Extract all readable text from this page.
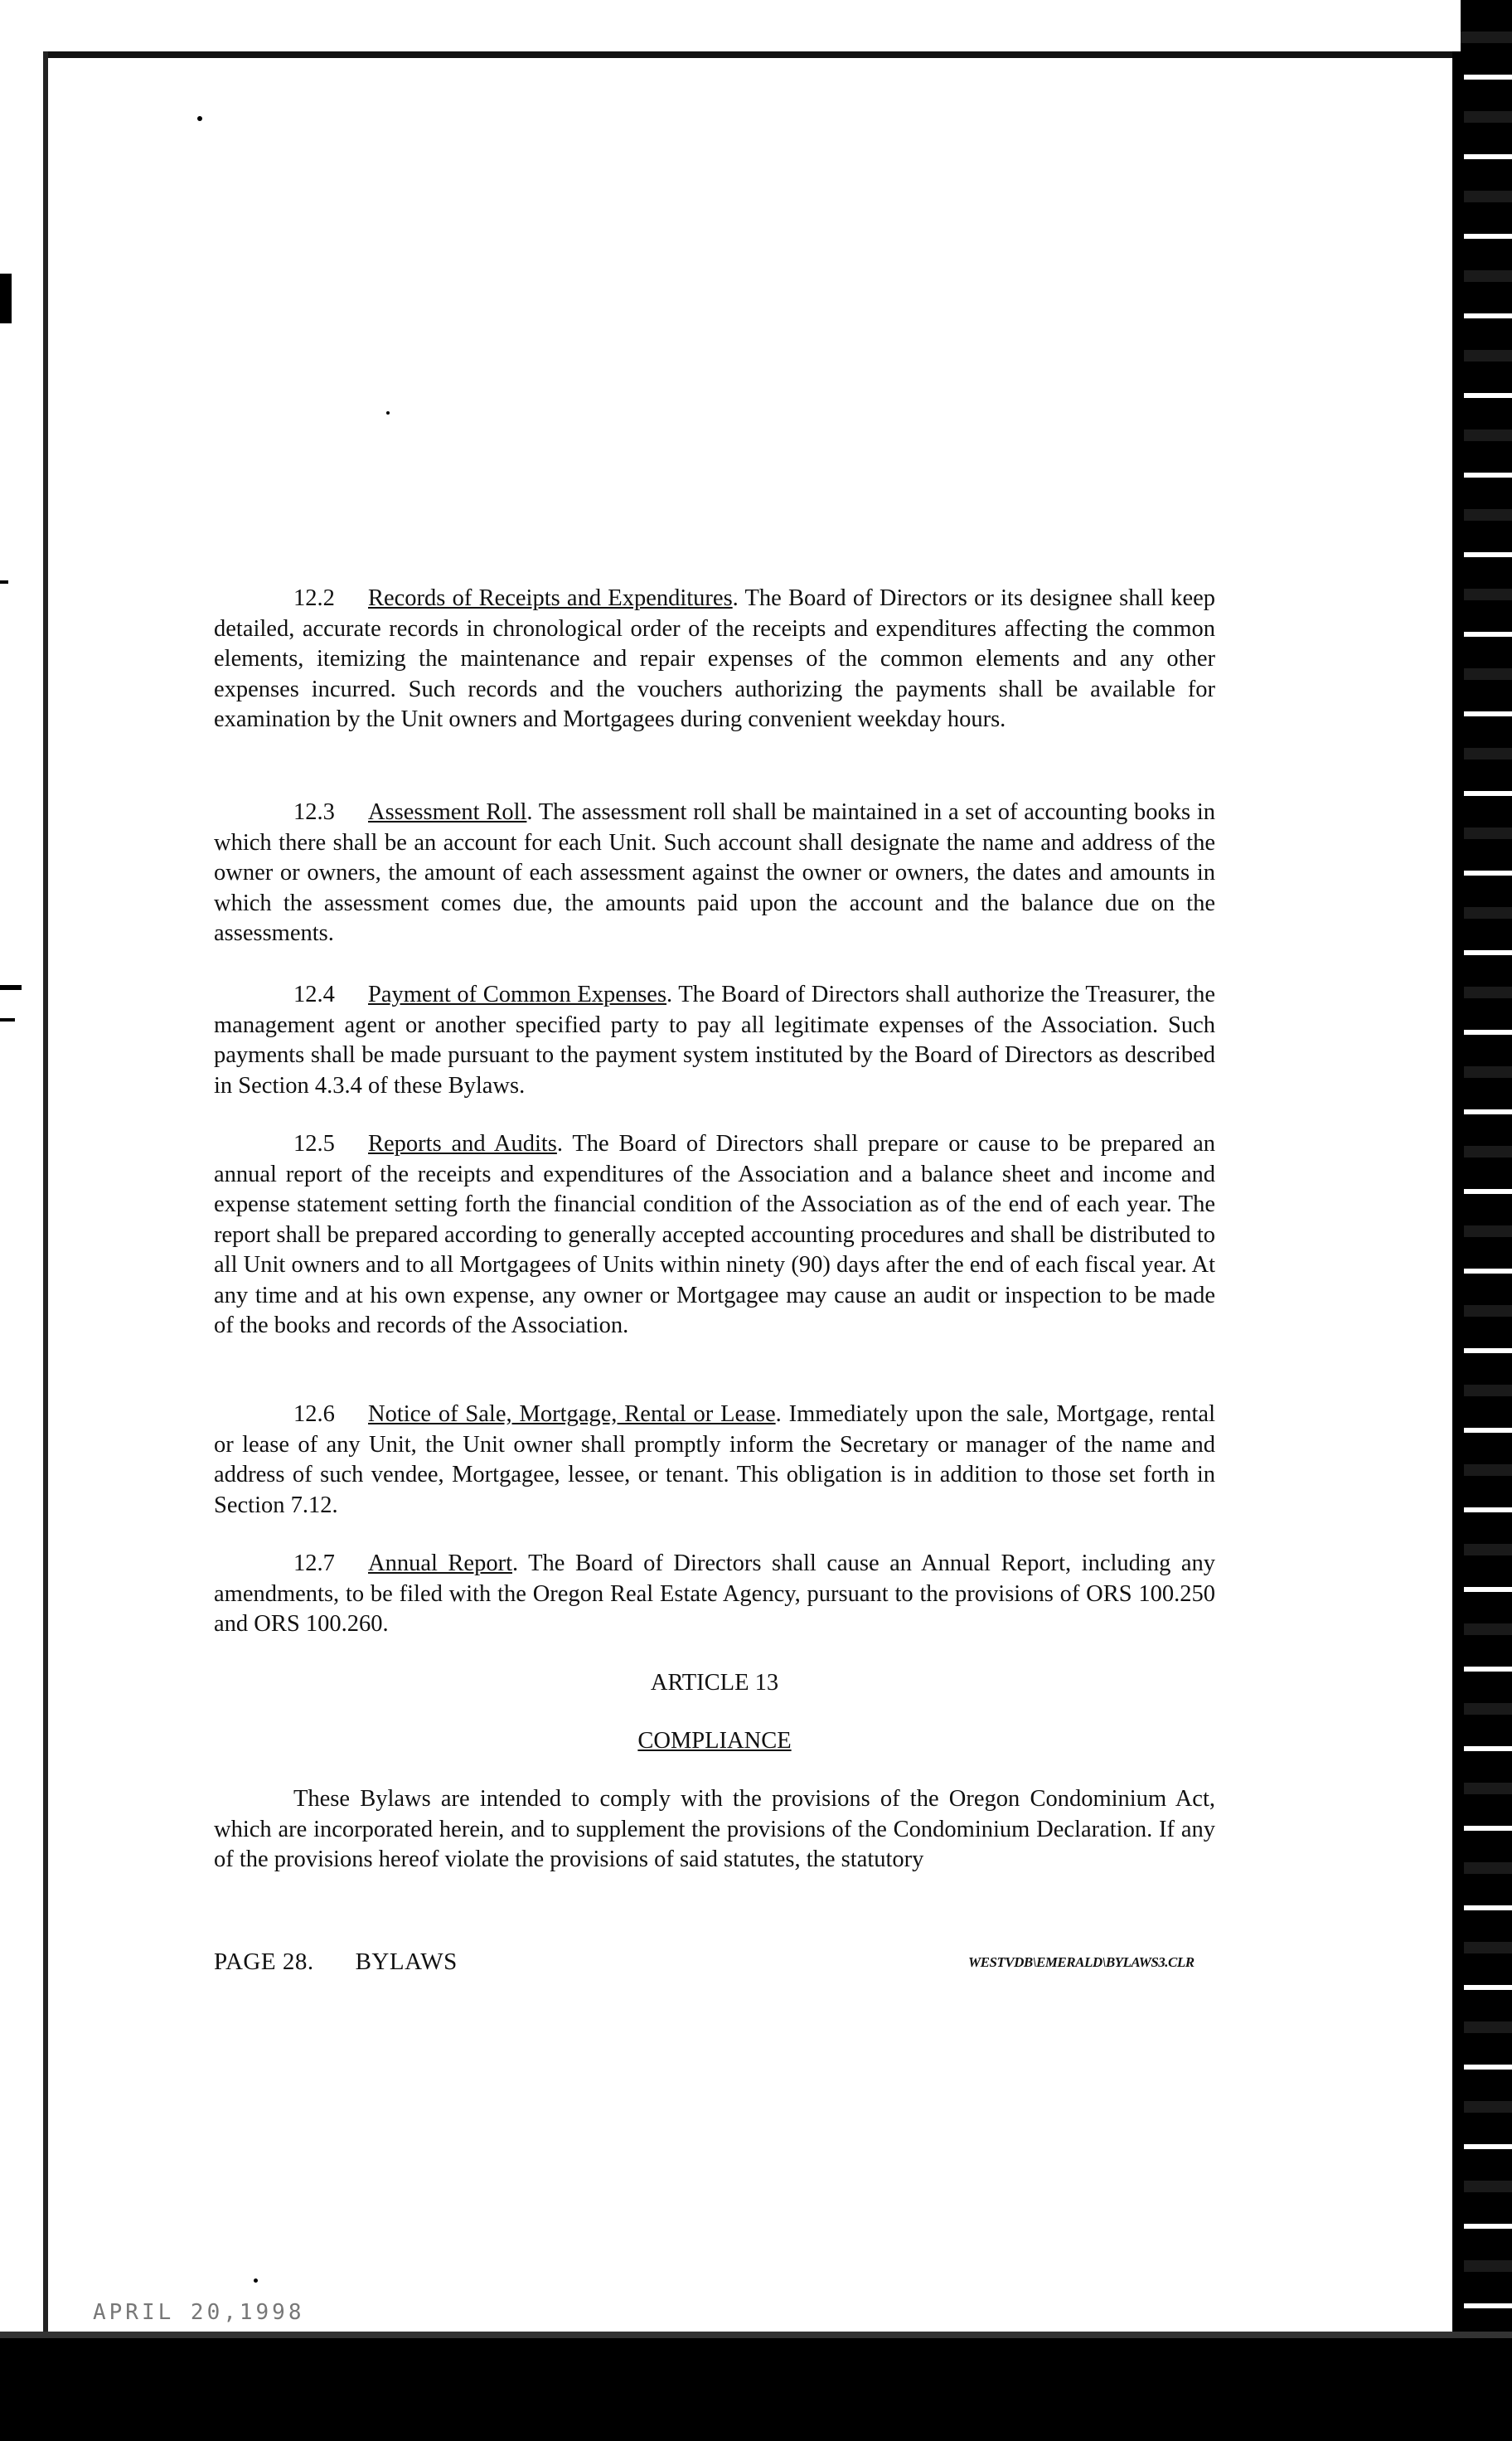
12.2 Records of Receipts and Expenditures. The Board of Directors or its designee shall keep detailed, accurate records in chronological order of the receipts and expenditures affecting the common elements, itemizing the maintenance and repair expenses of the common elements and any other expenses incurred. Such records and the vouchers authorizing the payments shall be available for examination by the Unit owners and Mortgagees during convenient weekday hours.

12.3 Assessment Roll. The assessment roll shall be maintained in a set of accounting books in which there shall be an account for each Unit. Such account shall designate the name and address of the owner or owners, the amount of each assessment against the owner or owners, the dates and amounts in which the assessment comes due, the amounts paid upon the account and the balance due on the assessments.

12.4 Payment of Common Expenses. The Board of Directors shall authorize the Treasurer, the management agent or another specified party to pay all legitimate expenses of the Association. Such payments shall be made pursuant to the payment system instituted by the Board of Directors as described in Section 4.3.4 of these Bylaws.

12.5 Reports and Audits. The Board of Directors shall prepare or cause to be prepared an annual report of the receipts and expenditures of the Association and a balance sheet and income and expense statement setting forth the financial condition of the Association as of the end of each year. The report shall be prepared according to generally accepted accounting procedures and shall be distributed to all Unit owners and to all Mortgagees of Units within ninety (90) days after the end of each fiscal year. At any time and at his own expense, any owner or Mortgagee may cause an audit or inspection to be made of the books and records of the Association.

12.6 Notice of Sale, Mortgage, Rental or Lease. Immediately upon the sale, Mortgage, rental or lease of any Unit, the Unit owner shall promptly inform the Secretary or manager of the name and address of such vendee, Mortgagee, lessee, or tenant. This obligation is in addition to those set forth in Section 7.12.

12.7 Annual Report. The Board of Directors shall cause an Annual Report, including any amendments, to be filed with the Oregon Real Estate Agency, pursuant to the provisions of ORS 100.250 and ORS 100.260.

ARTICLE 13
COMPLIANCE

These Bylaws are intended to comply with the provisions of the Oregon Condominium Act, which are incorporated herein, and to supplement the provisions of the Condominium Declaration. If any of the provisions hereof violate the provisions of said statutes, the statutory

PAGE 28. BYLAWS	WESTVDB\EMERALD\BYLAWS3.CLR
APRIL 20,1998
